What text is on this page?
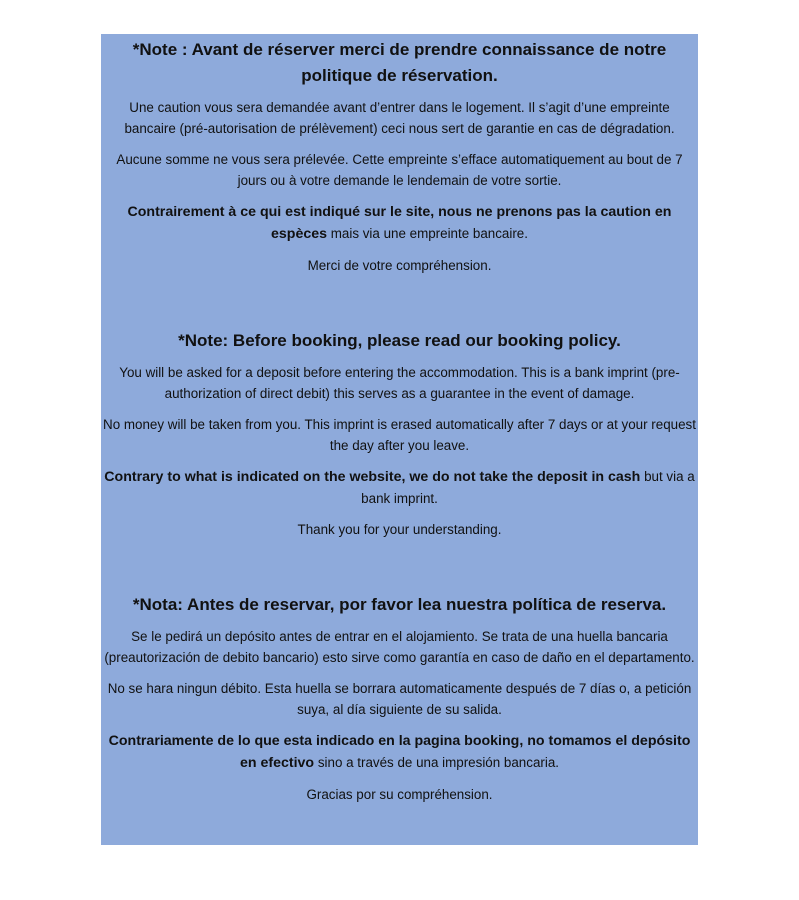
*Note : Avant de réserver merci de prendre connaissance de notre politique de réservation.
Une caution vous sera demandée avant d’entrer dans le logement. Il s’agit d’une empreinte bancaire (pré-autorisation de prélèvement) ceci nous sert de garantie en cas de dégradation.
Aucune somme ne vous sera prélevée. Cette empreinte s’efface automatiquement au bout de 7 jours ou à votre demande le lendemain de votre sortie.
Contrairement à ce qui est indiqué sur le site, nous ne prenons pas la caution en espèces mais via une empreinte bancaire.
Merci de votre compréhension.
*Note: Before booking, please read our booking policy.
You will be asked for a deposit before entering the accommodation. This is a bank imprint (pre-authorization of direct debit) this serves as a guarantee in the event of damage.
No money will be taken from you. This imprint is erased automatically after 7 days or at your request the day after you leave.
Contrary to what is indicated on the website, we do not take the deposit in cash but via a bank imprint.
Thank you for your understanding.
*Nota: Antes de reservar, por favor lea nuestra política de reserva.
Se le pedirá un depósito antes de entrar en el alojamiento. Se trata de una huella bancaria (preautorización de debito bancario) esto sirve como garantía en caso de daño en el departamento.
No se hara ningun débito. Esta huella se borrara automaticamente después de 7 días o, a petición suya, al día siguiente de su salida.
Contrariamente de lo que esta indicado en la pagina booking, no tomamos el depósito en efectivo sino a través de una impresión bancaria.
Gracias por su compréhension.
